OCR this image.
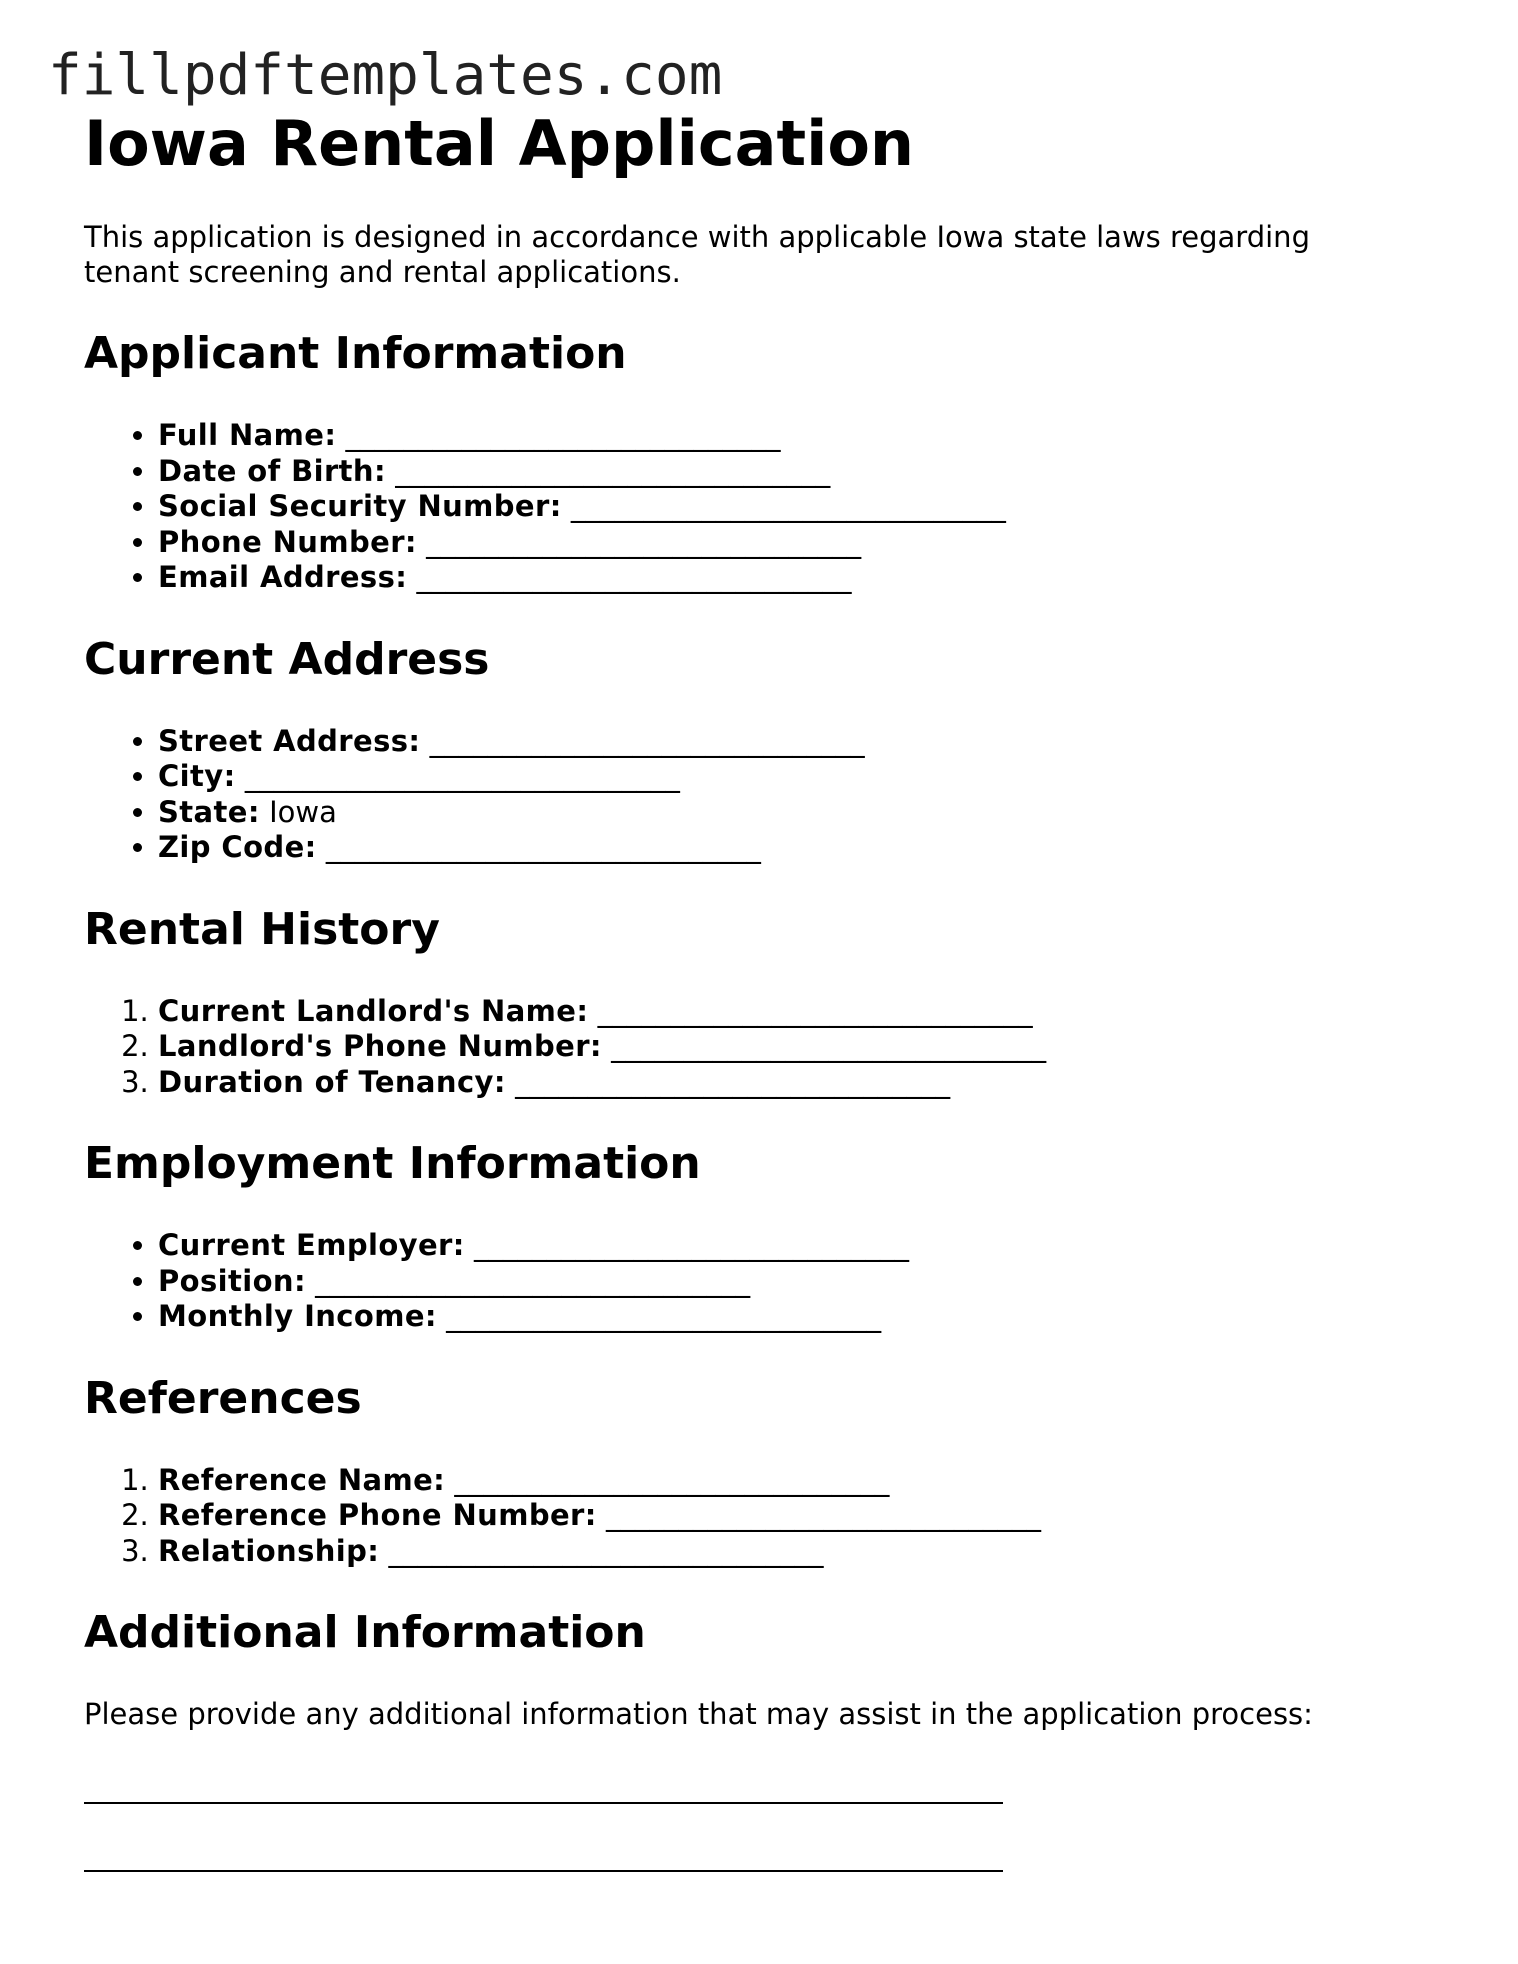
fillpdftemplates.com
Iowa Rental Application

This application is designed in accordance with applicable Iowa state laws regarding tenant screening and rental applications.

Applicant Information
• Full Name: ______________________________
• Date of Birth: ______________________________
• Social Security Number: ______________________________
• Phone Number: ______________________________
• Email Address: ______________________________
Current Address
• Street Address: ______________________________
• City: ______________________________
• State: Iowa
• Zip Code: ______________________________
Rental History
1. Current Landlord's Name: ______________________________
2. Landlord's Phone Number: ______________________________
3. Duration of Tenancy: ______________________________
Employment Information
• Current Employer: ______________________________
• Position: ______________________________
• Monthly Income: ______________________________
References
1. Reference Name: ______________________________
2. Reference Phone Number: ______________________________
3. Relationship: ______________________________
Additional Information

Please provide any additional information that may assist in the application process:
